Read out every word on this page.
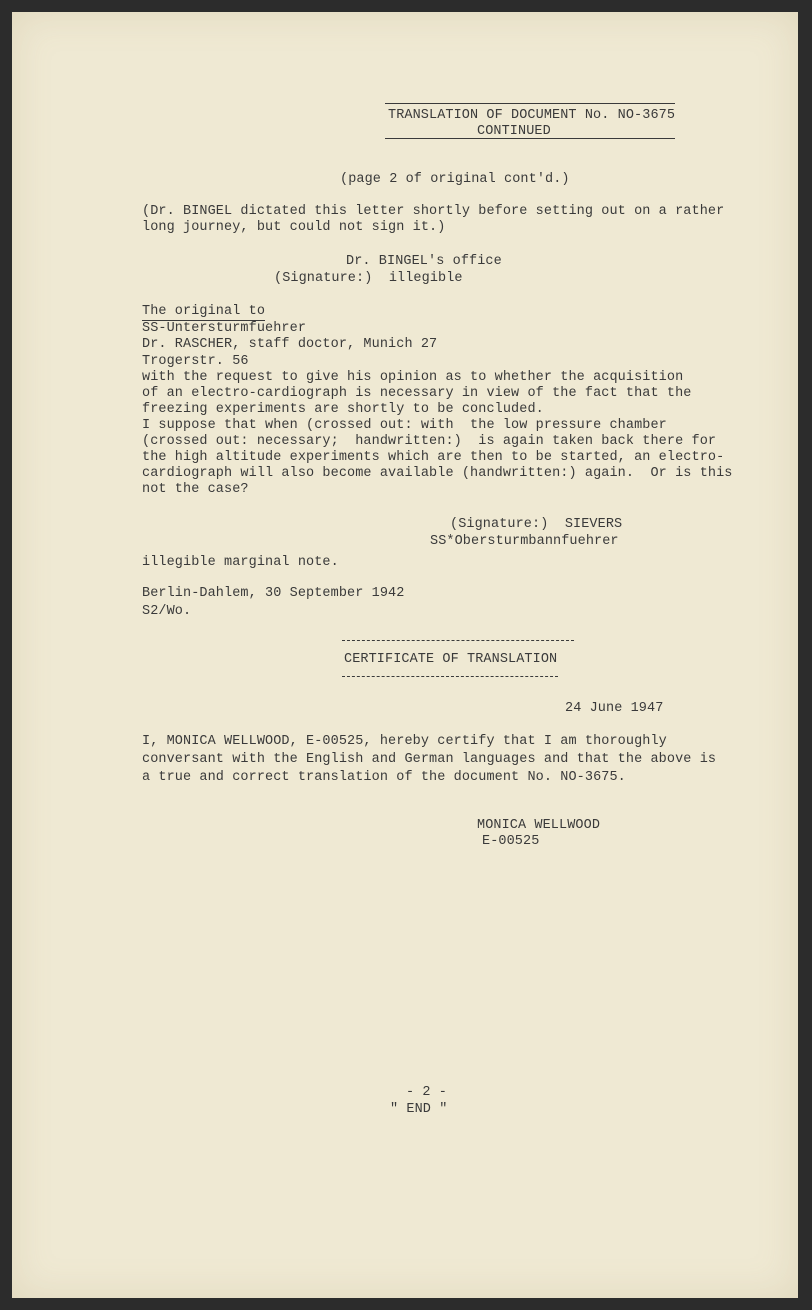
TRANSLATION OF DOCUMENT No. NO-3675
CONTINUED
(page 2 of original cont'd.)
(Dr. BINGEL dictated this letter shortly before setting out on a rather
long journey, but could not sign it.)
Dr. BINGEL's office
(Signature:)  illegible
The original to
SS-Untersturmfuehrer
Dr. RASCHER, staff doctor, Munich 27
Trogerstr. 56
with the request to give his opinion as to whether the acquisition
of an electro-cardiograph is necessary in view of the fact that the
freezing experiments are shortly to be concluded.
I suppose that when (crossed out: with  the low pressure chamber
(crossed out: necessary;  handwritten:)  is again taken back there for
the high altitude experiments which are then to be started, an electro-
cardiograph will also become available (handwritten:) again.  Or is this
not the case?
(Signature:)  SIEVERS
SS*Obersturmbannfuehrer
illegible marginal note.
Berlin-Dahlem, 30 September 1942
S2/Wo.
CERTIFICATE OF TRANSLATION
24 June 1947
I, MONICA WELLWOOD, E-00525, hereby certify that I am thoroughly
conversant with the English and German languages and that the above is
a true and correct translation of the document No. NO-3675.
MONICA WELLWOOD
E-00525
- 2 -
" END "
